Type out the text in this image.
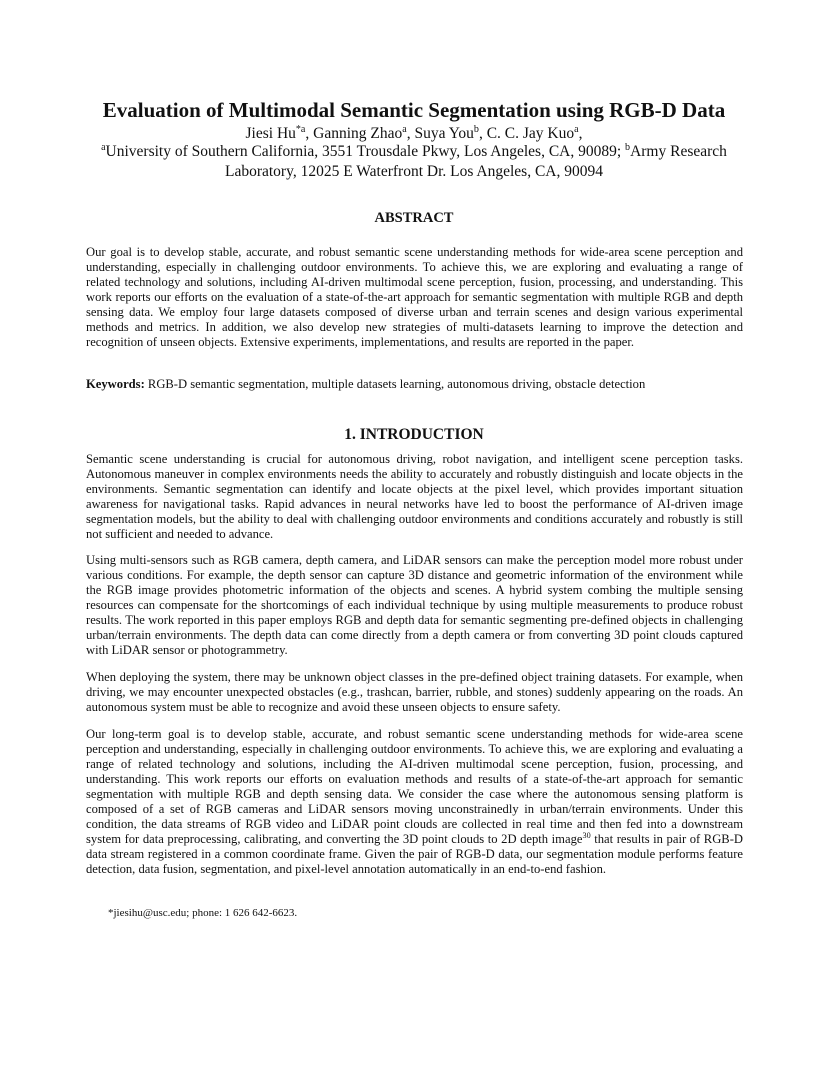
Evaluation of Multimodal Semantic Segmentation using RGB-D Data
Jiesi Hu$^{*a}$, Ganning Zhao$^a$, Suya You$^b$, C. C. Jay Kuo$^a$,
$^a$University of Southern California, 3551 Trousdale Pkwy, Los Angeles, CA, 90089; $^b$Army Research Laboratory, 12025 E Waterfront Dr. Los Angeles, CA, 90094
ABSTRACT

Our goal is to develop stable, accurate, and robust semantic scene understanding methods for wide-area scene perception and understanding, especially in challenging outdoor environments. To achieve this, we are exploring and evaluating a range of related technology and solutions, including AI-driven multimodal scene perception, fusion, processing, and understanding. This work reports our efforts on the evaluation of a state-of-the-art approach for semantic segmentation with multiple RGB and depth sensing data. We employ four large datasets composed of diverse urban and terrain scenes and design various experimental methods and metrics. In addition, we also develop new strategies of multi-datasets learning to improve the detection and recognition of unseen objects. Extensive experiments, implementations, and results are reported in the paper.

Keywords: RGB-D semantic segmentation, multiple datasets learning, autonomous driving, obstacle detection

1. INTRODUCTION

Semantic scene understanding is crucial for autonomous driving, robot navigation, and intelligent scene perception tasks. Autonomous maneuver in complex environments needs the ability to accurately and robustly distinguish and locate objects in the environments. Semantic segmentation can identify and locate objects at the pixel level, which provides important situation awareness for navigational tasks. Rapid advances in neural networks have led to boost the performance of AI-driven image segmentation models, but the ability to deal with challenging outdoor environments and conditions accurately and robustly is still not sufficient and needed to advance.

Using multi-sensors such as RGB camera, depth camera, and LiDAR sensors can make the perception model more robust under various conditions. For example, the depth sensor can capture 3D distance and geometric information of the environment while the RGB image provides photometric information of the objects and scenes. A hybrid system combing the multiple sensing resources can compensate for the shortcomings of each individual technique by using multiple measurements to produce robust results. The work reported in this paper employs RGB and depth data for semantic segmenting pre-defined objects in challenging urban/terrain environments. The depth data can come directly from a depth camera or from converting 3D point clouds captured with LiDAR sensor or photogrammetry.

When deploying the system, there may be unknown object classes in the pre-defined object training datasets. For example, when driving, we may encounter unexpected obstacles (e.g., trashcan, barrier, rubble, and stones) suddenly appearing on the roads. An autonomous system must be able to recognize and avoid these unseen objects to ensure safety.

Our long-term goal is to develop stable, accurate, and robust semantic scene understanding methods for wide-area scene perception and understanding, especially in challenging outdoor environments. To achieve this, we are exploring and evaluating a range of related technology and solutions, including the AI-driven multimodal scene perception, fusion, processing, and understanding. This work reports our efforts on evaluation methods and results of a state-of-the-art approach for semantic segmentation with multiple RGB and depth sensing data. We consider the case where the autonomous sensing platform is composed of a set of RGB cameras and LiDAR sensors moving unconstrainedly in urban/terrain environments. Under this condition, the data streams of RGB video and LiDAR point clouds are collected in real time and then fed into a downstream system for data preprocessing, calibrating, and converting the 3D point clouds to 2D depth image$^{30}$ that results in pair of RGB-D data stream registered in a common coordinate frame. Given the pair of RGB-D data, our segmentation module performs feature detection, data fusion, segmentation, and pixel-level annotation automatically in an end-to-end fashion.

*jiesihu@usc.edu; phone: 1 626 642-6623.
